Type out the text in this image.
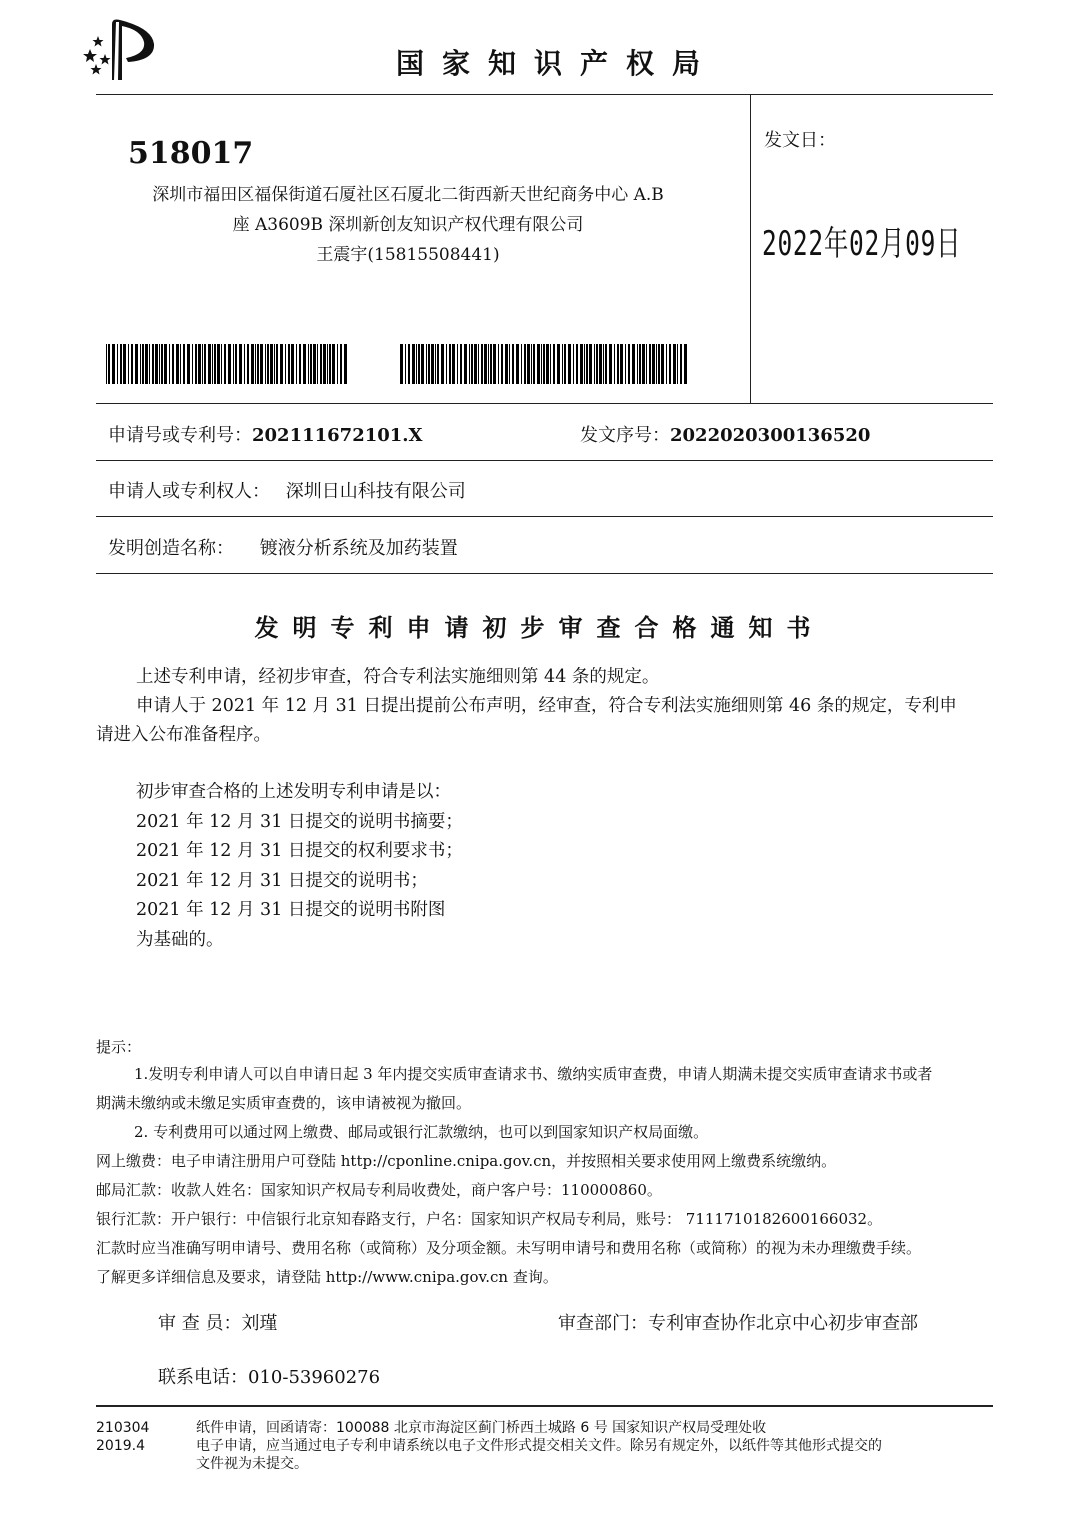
国家知识产权局
518017
深圳市福田区福保街道石厦社区石厦北二街西新天世纪商务中心 A.B
座 A3609B 深圳新创友知识产权代理有限公司
王震宇(15815508441)
发文日：
2022年02月09日
申请号或专利号：202111672101.X	发文序号：2022020300136520
申请人或专利权人： 深圳日山科技有限公司
发明创造名称： 镀液分析系统及加药装置
发明专利申请初步审查合格通知书
上述专利申请，经初步审查，符合专利法实施细则第 44 条的规定。
申请人于 2021 年 12 月 31 日提出提前公布声明，经审查，符合专利法实施细则第 46 条的规定，专利申
请进入公布准备程序。
初步审查合格的上述发明专利申请是以：
2021 年 12 月 31 日提交的说明书摘要；
2021 年 12 月 31 日提交的权利要求书；
2021 年 12 月 31 日提交的说明书；
2021 年 12 月 31 日提交的说明书附图
为基础的。
提示：
1.发明专利申请人可以自申请日起 3 年内提交实质审查请求书、缴纳实质审查费，申请人期满未提交实质审查请求书或者
期满未缴纳或未缴足实质审查费的，该申请被视为撤回。
2. 专利费用可以通过网上缴费、邮局或银行汇款缴纳，也可以到国家知识产权局面缴。
网上缴费：电子申请注册用户可登陆 http://cponline.cnipa.gov.cn，并按照相关要求使用网上缴费系统缴纳。
邮局汇款：收款人姓名：国家知识产权局专利局收费处，商户客户号：110000860。
银行汇款：开户银行：中信银行北京知春路支行，户名：国家知识产权局专利局，账号： 7111710182600166032。
汇款时应当准确写明申请号、费用名称（或简称）及分项金额。未写明申请号和费用名称（或简称）的视为未办理缴费手续。
了解更多详细信息及要求，请登陆 http://www.cnipa.gov.cn 查询。
审 查 员：刘瑾	审查部门：专利审查协作北京中心初步审查部
联系电话：010-53960276
210304
2019.4
纸件申请，回函请寄：100088 北京市海淀区蓟门桥西土城路 6 号 国家知识产权局受理处收
电子申请，应当通过电子专利申请系统以电子文件形式提交相关文件。除另有规定外，以纸件等其他形式提交的
文件视为未提交。
